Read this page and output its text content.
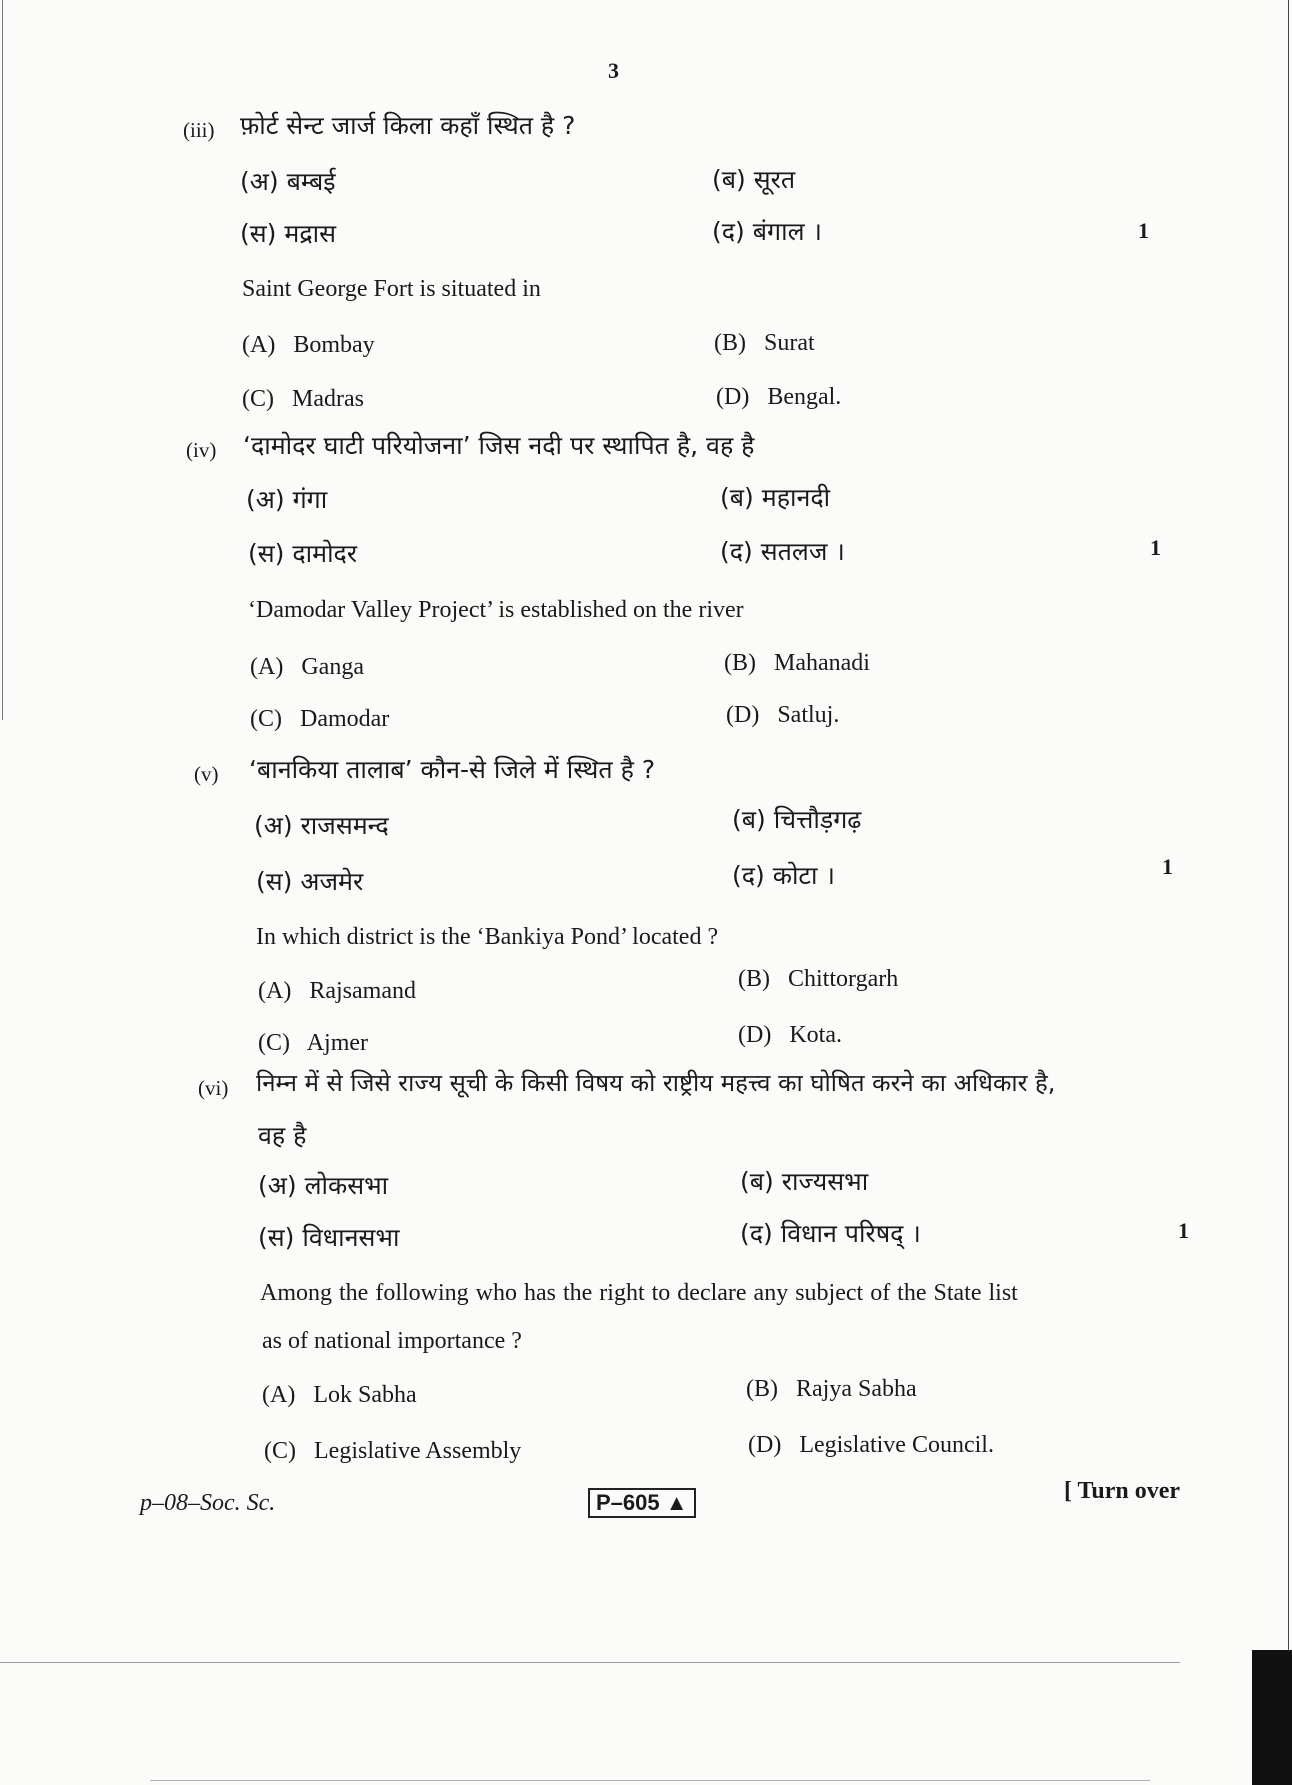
3
(iii) फ़ोर्ट सेन्ट जार्ज किला कहाँ स्थित है ?
(अ) बम्बई	(ब) सूरत
(स) मद्रास	(द) बंगाल ।	1
Saint George Fort is situated in
(A) Bombay	(B) Surat
(C) Madras	(D) Bengal.
(iv) ‘दामोदर घाटी परियोजना’ जिस नदी पर स्थापित है, वह है
(अ) गंगा	(ब) महानदी
(स) दामोदर	(द) सतलज ।	1
‘Damodar Valley Project’ is established on the river
(A) Ganga	(B) Mahanadi
(C) Damodar	(D) Satluj.
(v) ‘बानकिया तालाब’ कौन-से जिले में स्थित है ?
(अ) राजसमन्द	(ब) चित्तौड़गढ़
(स) अजमेर	(द) कोटा ।	1
In which district is the ‘Bankiya Pond’ located ?
(A) Rajsamand	(B) Chittorgarh
(C) Ajmer	(D) Kota.
(vi) निम्न में से जिसे राज्य सूची के किसी विषय को राष्ट्रीय महत्त्व का घोषित करने का अधिकार है,
वह है
(अ) लोकसभा	(ब) राज्यसभा
(स) विधानसभा	(द) विधान परिषद् ।	1
Among the following who has the right to declare any subject of the State list
as of national importance ?
(A) Lok Sabha	(B) Rajya Sabha
(C) Legislative Assembly	(D) Legislative Council.
p–08–Soc. Sc.	P–605 ▲	[ Turn over
